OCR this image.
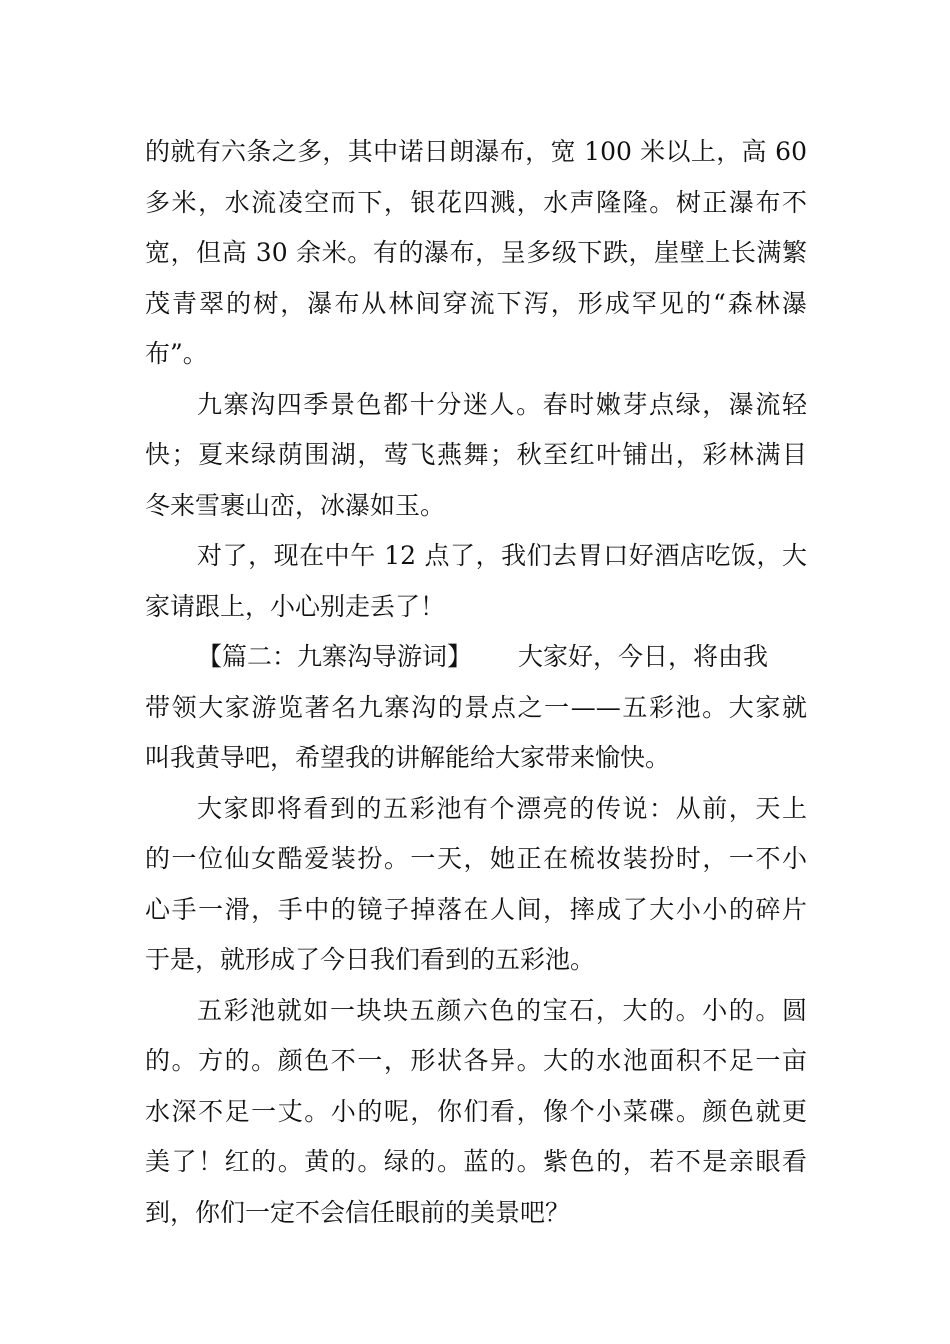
的就有六条之多，其中诺日朗瀑布，宽 100 米以上，高 60
多米，水流凌空而下，银花四溅，水声隆隆。树正瀑布不
宽，但高 30 余米。有的瀑布，呈多级下跌，崖壁上长满繁
茂青翠的树，瀑布从林间穿流下泻，形成罕见的“森林瀑
布”。
九寨沟四季景色都十分迷人。春时嫩芽点绿，瀑流轻
快；夏来绿荫围湖，莺飞燕舞；秋至红叶铺出，彩林满目
冬来雪裹山峦，冰瀑如玉。
对了，现在中午 12 点了，我们去胃口好酒店吃饭，大
家请跟上，小心别走丢了！
【篇二：九寨沟导游词】 大家好，今日，将由我
带领大家游览著名九寨沟的景点之一——五彩池。大家就
叫我黄导吧，希望我的讲解能给大家带来愉快。
大家即将看到的五彩池有个漂亮的传说：从前，天上
的一位仙女酷爱装扮。一天，她正在梳妆装扮时，一不小
心手一滑，手中的镜子掉落在人间，摔成了大小小的碎片
于是，就形成了今日我们看到的五彩池。
五彩池就如一块块五颜六色的宝石，大的。小的。圆
的。方的。颜色不一，形状各异。大的水池面积不足一亩
水深不足一丈。小的呢，你们看，像个小菜碟。颜色就更
美了！红的。黄的。绿的。蓝的。紫色的，若不是亲眼看
到，你们一定不会信任眼前的美景吧？
